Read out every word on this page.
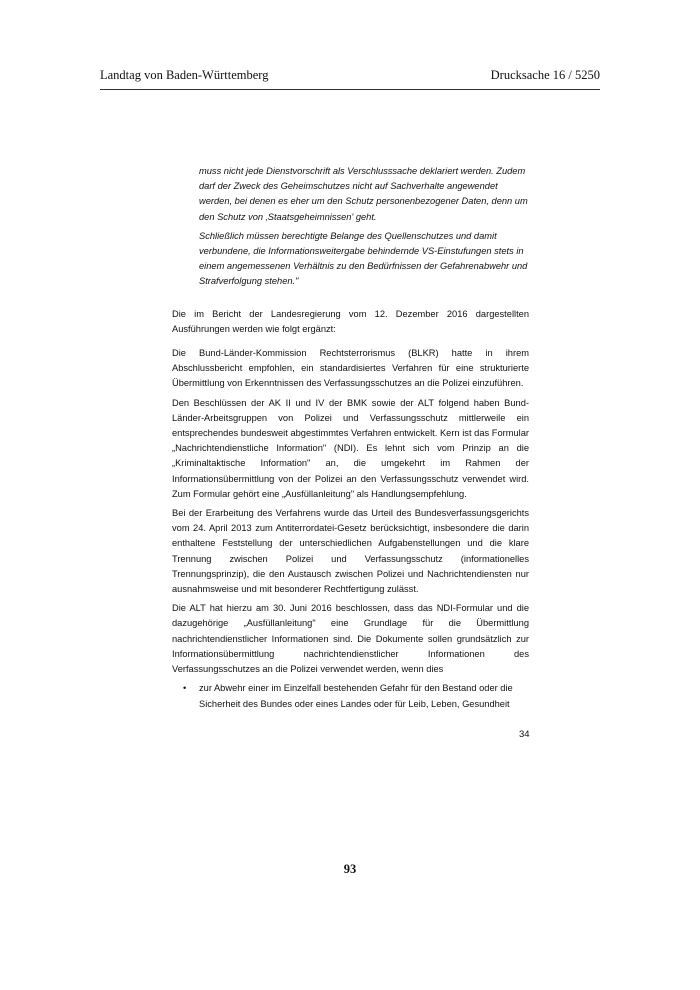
Landtag von Baden-Württemberg	Drucksache 16 / 5250

muss nicht jede Dienstvorschrift als Verschlusssache deklariert werden. Zudem darf der Zweck des Geheimschutzes nicht auf Sachverhalte angewendet werden, bei denen es eher um den Schutz personenbezogener Daten, denn um den Schutz von ‚Staatsgeheimnissen' geht.

Schließlich müssen berechtigte Belange des Quellenschutzes und damit verbundene, die Informationsweitergabe behindernde VS-Einstufungen stets in einem angemessenen Verhältnis zu den Bedürfnissen der Gefahrenabwehr und Strafverfolgung stehen."

Die im Bericht der Landesregierung vom 12. Dezember 2016 dargestellten Ausführungen werden wie folgt ergänzt:

Die Bund-Länder-Kommission Rechtsterrorismus (BLKR) hatte in ihrem Abschlussbericht empfohlen, ein standardisiertes Verfahren für eine strukturierte Übermittlung von Erkenntnissen des Verfassungsschutzes an die Polizei einzuführen.

Den Beschlüssen der AK II und IV der BMK sowie der ALT folgend haben Bund-Länder-Arbeitsgruppen von Polizei und Verfassungsschutz mittlerweile ein entsprechendes bundesweit abgestimmtes Verfahren entwickelt. Kern ist das Formular „Nachrichtendienstliche Information" (NDI). Es lehnt sich vom Prinzip an die „Kriminaltaktische Information" an, die umgekehrt im Rahmen der Informationsübermittlung von der Polizei an den Verfassungsschutz verwendet wird. Zum Formular gehört eine „Ausfüllanleitung" als Handlungsempfehlung.

Bei der Erarbeitung des Verfahrens wurde das Urteil des Bundesverfassungsgerichts vom 24. April 2013 zum Antiterrordatei-Gesetz berücksichtigt, insbesondere die darin enthaltene Feststellung der unterschiedlichen Aufgabenstellungen und die klare Trennung zwischen Polizei und Verfassungsschutz (informationelles Trennungsprinzip), die den Austausch zwischen Polizei und Nachrichtendiensten nur ausnahmsweise und mit besonderer Rechtfertigung zulässt.

Die ALT hat hierzu am 30. Juni 2016 beschlossen, dass das NDI-Formular und die dazugehörige „Ausfüllanleitung" eine Grundlage für die Übermittlung nachrichtendienstlicher Informationen sind. Die Dokumente sollen grundsätzlich zur Informationsübermittlung nachrichtendienstlicher Informationen des Verfassungsschutzes an die Polizei verwendet werden, wenn dies

•	zur Abwehr einer im Einzelfall bestehenden Gefahr für den Bestand oder die Sicherheit des Bundes oder eines Landes oder für Leib, Leben, Gesundheit
34
93
